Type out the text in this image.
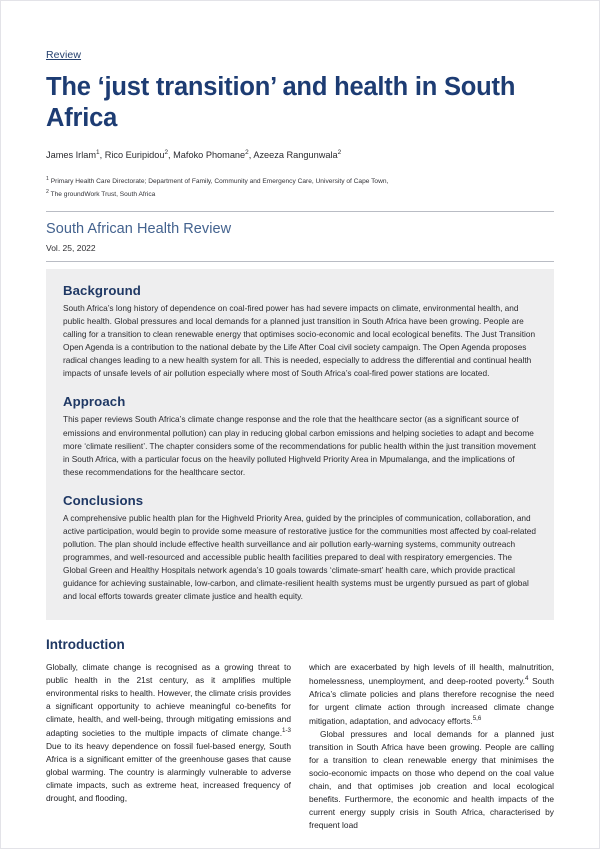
Review
The ‘just transition’ and health in South Africa
James Irlam$^1$, Rico Euripidou$^2$, Mafoko Phomane$^2$, Azeeza Rangunwala$^2$
$^1$ Primary Health Care Directorate; Department of Family, Community and Emergency Care, University of Cape Town,
$^2$ The groundWork Trust, South Africa
South African Health Review
Vol. 25, 2022
Background

South Africa’s long history of dependence on coal-fired power has had severe impacts on climate, environmental health, and public health. Global pressures and local demands for a planned just transition in South Africa have been growing. People are calling for a transition to clean renewable energy that optimises socio-economic and local ecological benefits. The Just Transition Open Agenda is a contribution to the national debate by the Life After Coal civil society campaign. The Open Agenda proposes radical changes leading to a new health system for all. This is needed, especially to address the differential and continual health impacts of unsafe levels of air pollution especially where most of South Africa’s coal-fired power stations are located.

Approach

This paper reviews South Africa’s climate change response and the role that the healthcare sector (as a significant source of emissions and environmental pollution) can play in reducing global carbon emissions and helping societies to adapt and become more ‘climate resilient’. The chapter considers some of the recommendations for public health within the just transition movement in South Africa, with a particular focus on the heavily polluted Highveld Priority Area in Mpumalanga, and the implications of these recommendations for the healthcare sector.

Conclusions

A comprehensive public health plan for the Highveld Priority Area, guided by the principles of communication, collaboration, and active participation, would begin to provide some measure of restorative justice for the communities most affected by coal-related pollution. The plan should include effective health surveillance and air pollution early-warning systems, community outreach programmes, and well-resourced and accessible public health facilities prepared to deal with respiratory emergencies. The Global Green and Healthy Hospitals network agenda’s 10 goals towards ‘climate-smart’ health care, which provide practical guidance for achieving sustainable, low-carbon, and climate-resilient health systems must be urgently pursued as part of global and local efforts towards greater climate justice and health equity.

Introduction

Globally, climate change is recognised as a growing threat to public health in the 21st century, as it amplifies multiple environmental risks to health. However, the climate crisis provides a significant opportunity to achieve meaningful co-benefits for climate, health, and well-being, through mitigating emissions and adapting societies to the multiple impacts of climate change.$^{1-3}$ Due to its heavy dependence on fossil fuel-based energy, South Africa is a significant emitter of the greenhouse gases that cause global warming. The country is alarmingly vulnerable to adverse climate impacts, such as extreme heat, increased frequency of drought, and flooding,

which are exacerbated by high levels of ill health, malnutrition, homelessness, unemployment, and deep-rooted poverty.$^4$ South Africa’s climate policies and plans therefore recognise the need for urgent climate action through increased climate change mitigation, adaptation, and advocacy efforts.$^{5,6}$

Global pressures and local demands for a planned just transition in South Africa have been growing. People are calling for a transition to clean renewable energy that minimises the socio-economic impacts on those who depend on the coal value chain, and that optimises job creation and local ecological benefits. Furthermore, the economic and health impacts of the current energy supply crisis in South Africa, characterised by frequent load
